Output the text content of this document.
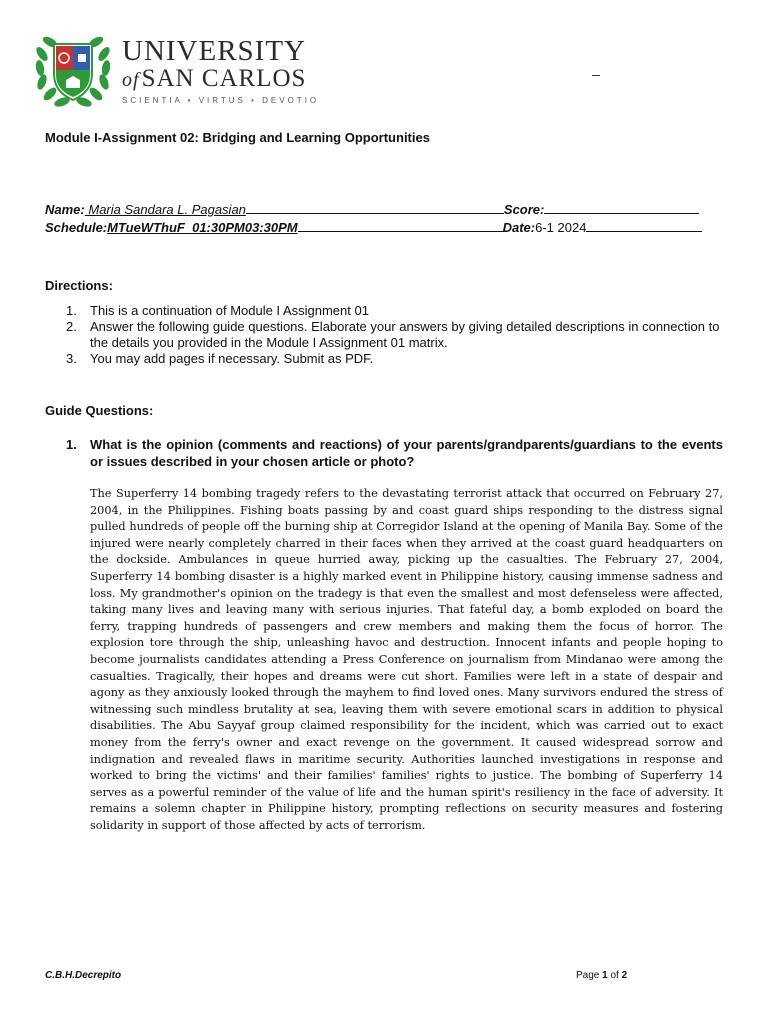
UNIVERSITY
ofSAN CARLOS
SCIENTIA • VIRTUS • DEVOTIO
–
Module I-Assignment 02: Bridging and Learning Opportunities
Name: Maria Sandara L. Pagasian	Score:
Schedule:MTueWThuF_01:30PM03:30PM	Date:6-1 2024
Directions:
1. This is a continuation of Module I Assignment 01
2. Answer the following guide questions. Elaborate your answers by giving detailed descriptions in connection to the details you provided in the Module I Assignment 01 matrix.
3. You may add pages if necessary. Submit as PDF.
Guide Questions:
1. What is the opinion (comments and reactions) of your parents/grandparents/guardians to the events or issues described in your chosen article or photo?
The Superferry 14 bombing tragedy refers to the devastating terrorist attack that occurred on February 27, 2004, in the Philippines. Fishing boats passing by and coast guard ships responding to the distress signal pulled hundreds of people off the burning ship at Corregidor Island at the opening of Manila Bay. Some of the injured were nearly completely charred in their faces when they arrived at the coast guard headquarters on the dockside. Ambulances in queue hurried away, picking up the casualties. The February 27, 2004, Superferry 14 bombing disaster is a highly marked event in Philippine history, causing immense sadness and loss. My grandmother's opinion on the tradegy is that even the smallest and most defenseless were affected, taking many lives and leaving many with serious injuries. That fateful day, a bomb exploded on board the ferry, trapping hundreds of passengers and crew members and making them the focus of horror. The explosion tore through the ship, unleashing havoc and destruction. Innocent infants and people hoping to become journalists candidates attending a Press Conference on journalism from Mindanao were among the casualties. Tragically, their hopes and dreams were cut short. Families were left in a state of despair and agony as they anxiously looked through the mayhem to find loved ones. Many survivors endured the stress of witnessing such mindless brutality at sea, leaving them with severe emotional scars in addition to physical disabilities. The Abu Sayyaf group claimed responsibility for the incident, which was carried out to exact money from the ferry's owner and exact revenge on the government. It caused widespread sorrow and indignation and revealed flaws in maritime security. Authorities launched investigations in response and worked to bring the victims' and their families' families' rights to justice. The bombing of Superferry 14 serves as a powerful reminder of the value of life and the human spirit's resiliency in the face of adversity. It remains a solemn chapter in Philippine history, prompting reflections on security measures and fostering solidarity in support of those affected by acts of terrorism.
C.B.H.Decrepito	Page 1 of 2
